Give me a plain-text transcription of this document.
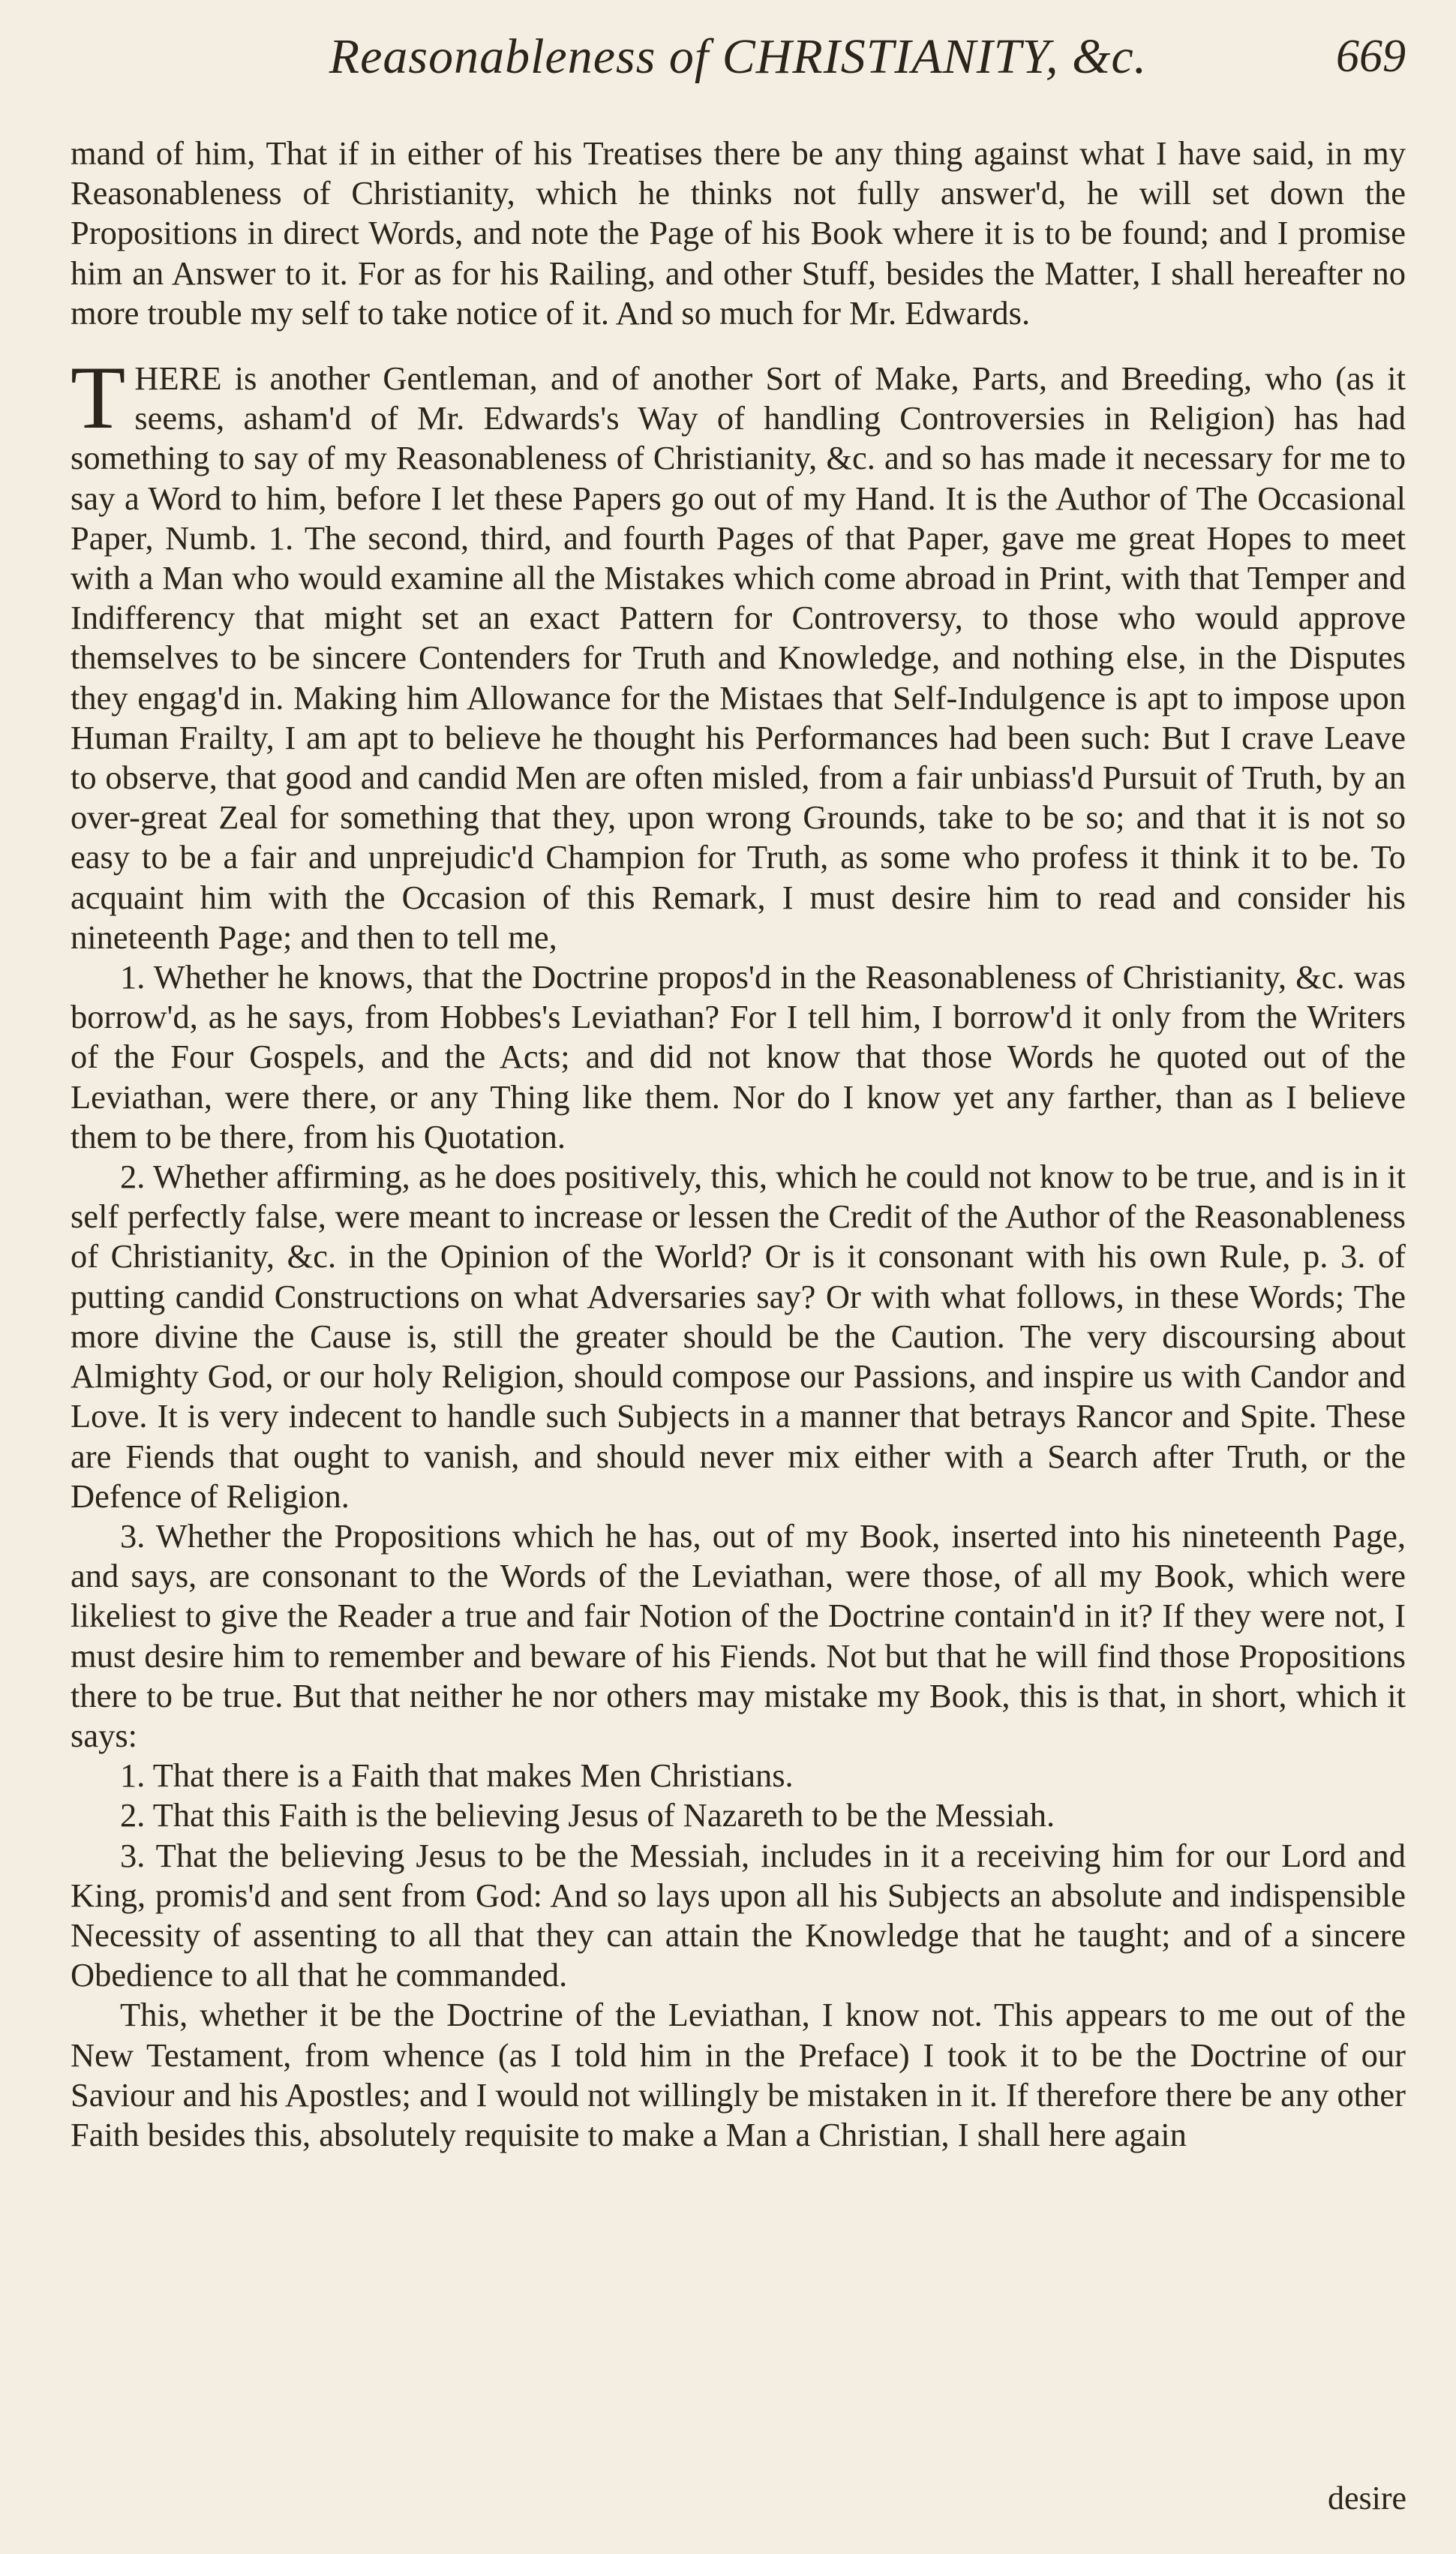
Reasonableness of CHRISTIANITY, &c.	669

mand of him, That if in either of his Treatises there be any thing against what I have said, in my Reasonableness of Christianity, which he thinks not fully answer'd, he will set down the Propositions in direct Words, and note the Page of his Book where it is to be found; and I promise him an Answer to it. For as for his Railing, and other Stuff, besides the Matter, I shall hereafter no more trouble my self to take notice of it. And so much for Mr. Edwards.

THERE is another Gentleman, and of another Sort of Make, Parts, and Breeding, who (as it seems, asham'd of Mr. Edwards's Way of handling Controversies in Religion) has had something to say of my Reasonableness of Christianity, &c. and so has made it necessary for me to say a Word to him, before I let these Papers go out of my Hand. It is the Author of The Occasional Paper, Numb. 1. The second, third, and fourth Pages of that Paper, gave me great Hopes to meet with a Man who would examine all the Mistakes which come abroad in Print, with that Temper and Indifferency that might set an exact Pattern for Controversy, to those who would approve themselves to be sincere Contenders for Truth and Knowledge, and nothing else, in the Disputes they engag'd in. Making him Allowance for the Mistaes that Self-Indulgence is apt to impose upon Human Frailty, I am apt to believe he thought his Performances had been such: But I crave Leave to observe, that good and candid Men are often misled, from a fair unbiass'd Pursuit of Truth, by an over-great Zeal for something that they, upon wrong Grounds, take to be so; and that it is not so easy to be a fair and unprejudic'd Champion for Truth, as some who profess it think it to be. To acquaint him with the Occasion of this Remark, I must desire him to read and consider his nineteenth Page; and then to tell me,

1. Whether he knows, that the Doctrine propos'd in the Reasonableness of Christianity, &c. was borrow'd, as he says, from Hobbes's Leviathan? For I tell him, I borrow'd it only from the Writers of the Four Gospels, and the Acts; and did not know that those Words he quoted out of the Leviathan, were there, or any Thing like them. Nor do I know yet any farther, than as I believe them to be there, from his Quotation.

2. Whether affirming, as he does positively, this, which he could not know to be true, and is in it self perfectly false, were meant to increase or lessen the Credit of the Author of the Reasonableness of Christianity, &c. in the Opinion of the World? Or is it consonant with his own Rule, p. 3. of putting candid Constructions on what Adversaries say? Or with what follows, in these Words; The more divine the Cause is, still the greater should be the Caution. The very discoursing about Almighty God, or our holy Religion, should compose our Passions, and inspire us with Candor and Love. It is very indecent to handle such Subjects in a manner that betrays Rancor and Spite. These are Fiends that ought to vanish, and should never mix either with a Search after Truth, or the Defence of Religion.

3. Whether the Propositions which he has, out of my Book, inserted into his nineteenth Page, and says, are consonant to the Words of the Leviathan, were those, of all my Book, which were likeliest to give the Reader a true and fair Notion of the Doctrine contain'd in it? If they were not, I must desire him to remember and beware of his Fiends. Not but that he will find those Propositions there to be true. But that neither he nor others may mistake my Book, this is that, in short, which it says:

1. That there is a Faith that makes Men Christians.

2. That this Faith is the believing Jesus of Nazareth to be the Messiah.

3. That the believing Jesus to be the Messiah, includes in it a receiving him for our Lord and King, promis'd and sent from God: And so lays upon all his Subjects an absolute and indispensible Necessity of assenting to all that they can attain the Knowledge that he taught; and of a sincere Obedience to all that he commanded.

This, whether it be the Doctrine of the Leviathan, I know not. This appears to me out of the New Testament, from whence (as I told him in the Preface) I took it to be the Doctrine of our Saviour and his Apostles; and I would not willingly be mistaken in it. If therefore there be any other Faith besides this, absolutely requisite to make a Man a Christian, I shall here again

desire
